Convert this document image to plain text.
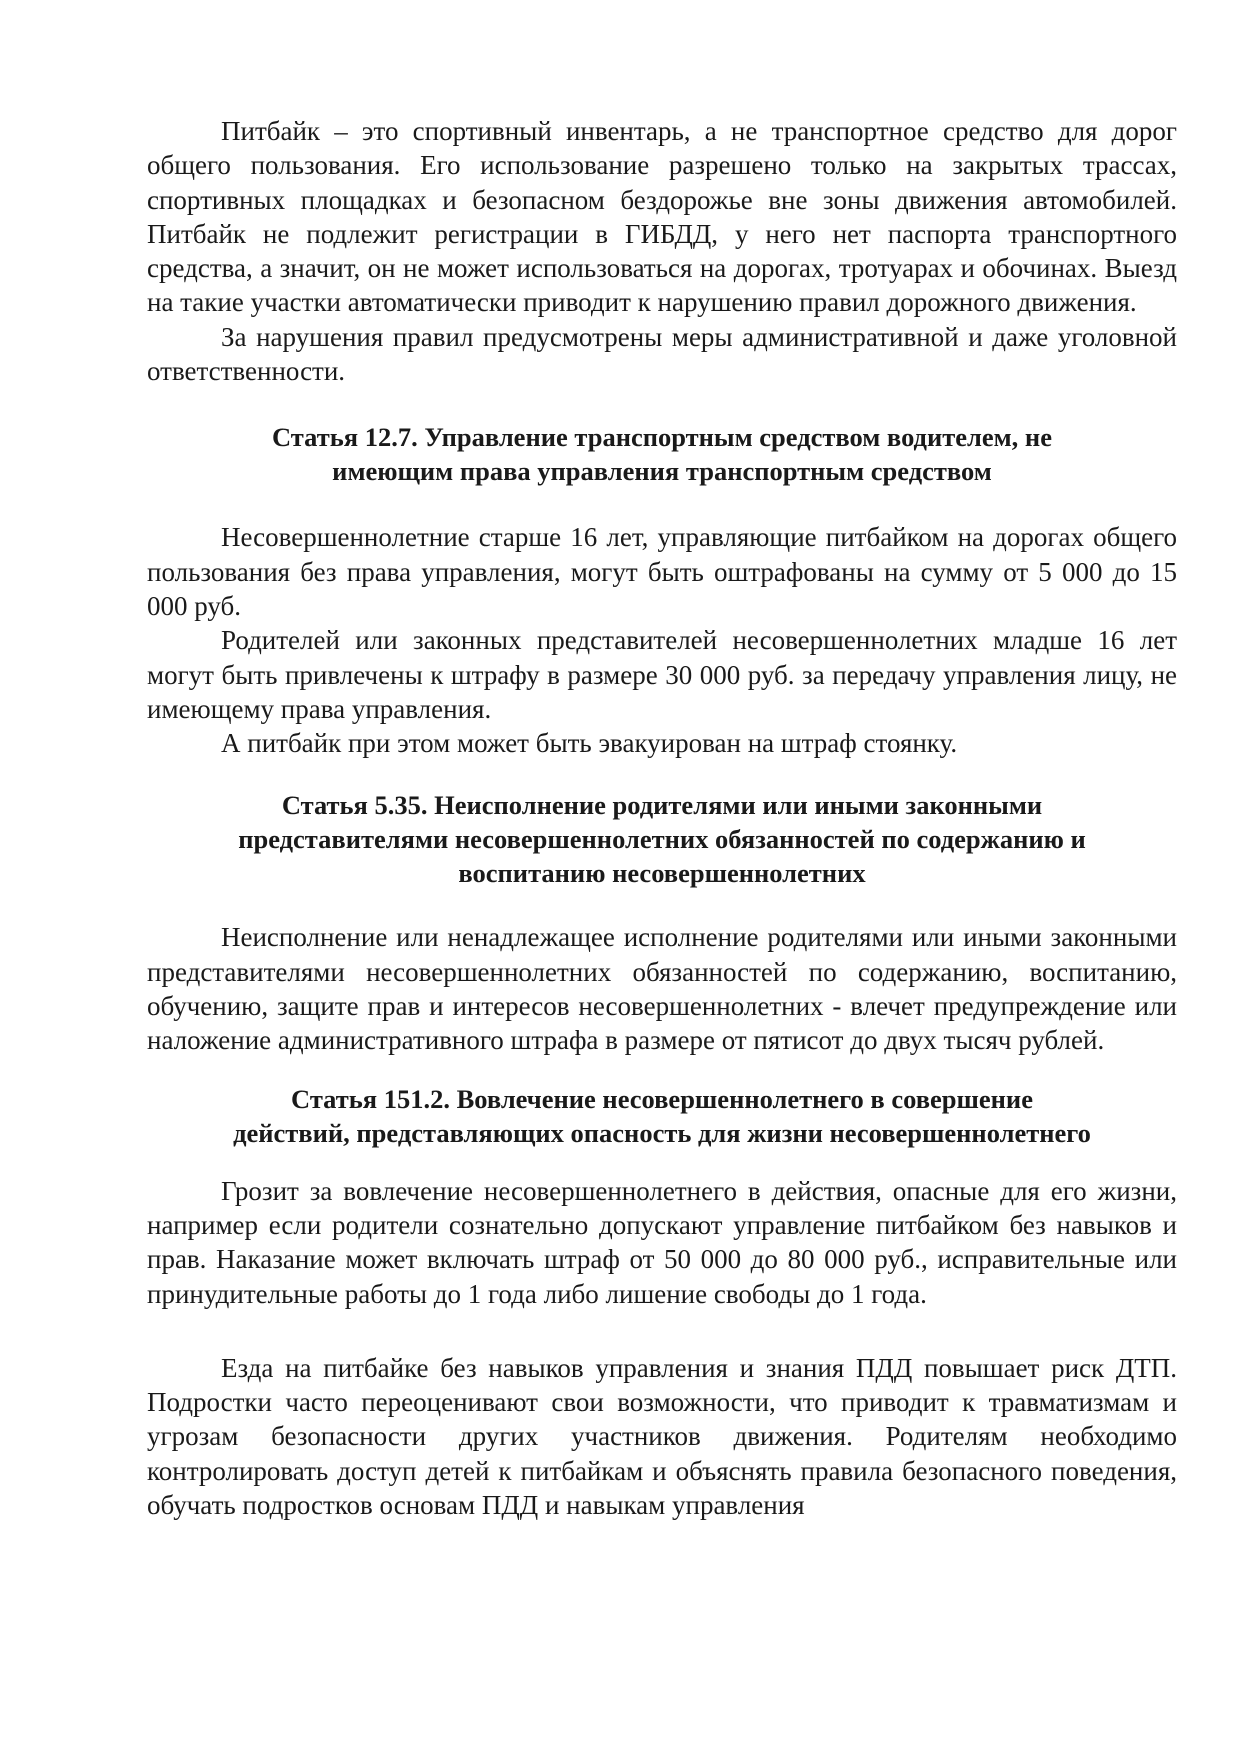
Питбайк – это спортивный инвентарь, а не транспортное средство для дорог общего пользования. Его использование разрешено только на закрытых трассах, спортивных площадках и безопасном бездорожье вне зоны движения автомобилей. Питбайк не подлежит регистрации в ГИБДД, у него нет паспорта транспортного средства, а значит, он не может использоваться на дорогах, тротуарах и обочинах. Выезд на такие участки автоматически приводит к нарушению правил дорожного движения.

За нарушения правил предусмотрены меры административной и даже уголовной ответственности.

Статья 12.7. Управление транспортным средством водителем, не
имеющим права управления транспортным средством

Несовершеннолетние старше 16 лет, управляющие питбайком на дорогах общего пользования без права управления, могут быть оштрафованы на сумму от 5 000 до 15 000 руб.

Родителей или законных представителей несовершеннолетних младше 16 лет могут быть привлечены к штрафу в размере 30 000 руб. за передачу управления лицу, не имеющему права управления.

А питбайк при этом может быть эвакуирован на штраф стоянку.

Статья 5.35. Неисполнение родителями или иными законными
представителями несовершеннолетних обязанностей по содержанию и
воспитанию несовершеннолетних

Неисполнение или ненадлежащее исполнение родителями или иными законными представителями несовершеннолетних обязанностей по содержанию, воспитанию, обучению, защите прав и интересов несовершеннолетних - влечет предупреждение или наложение административного штрафа в размере от пятисот до двух тысяч рублей.

Статья 151.2. Вовлечение несовершеннолетнего в совершение
действий, представляющих опасность для жизни несовершеннолетнего

Грозит за вовлечение несовершеннолетнего в действия, опасные для его жизни, например если родители сознательно допускают управление питбайком без навыков и прав. Наказание может включать штраф от 50 000 до 80 000 руб., исправительные или принудительные работы до 1 года либо лишение свободы до 1 года.

Езда на питбайке без навыков управления и знания ПДД повышает риск ДТП. Подростки часто переоценивают свои возможности, что приводит к травматизмам и угрозам безопасности других участников движения. Родителям необходимо контролировать доступ детей к питбайкам и объяснять правила безопасного поведения, обучать подростков основам ПДД и навыкам управления
